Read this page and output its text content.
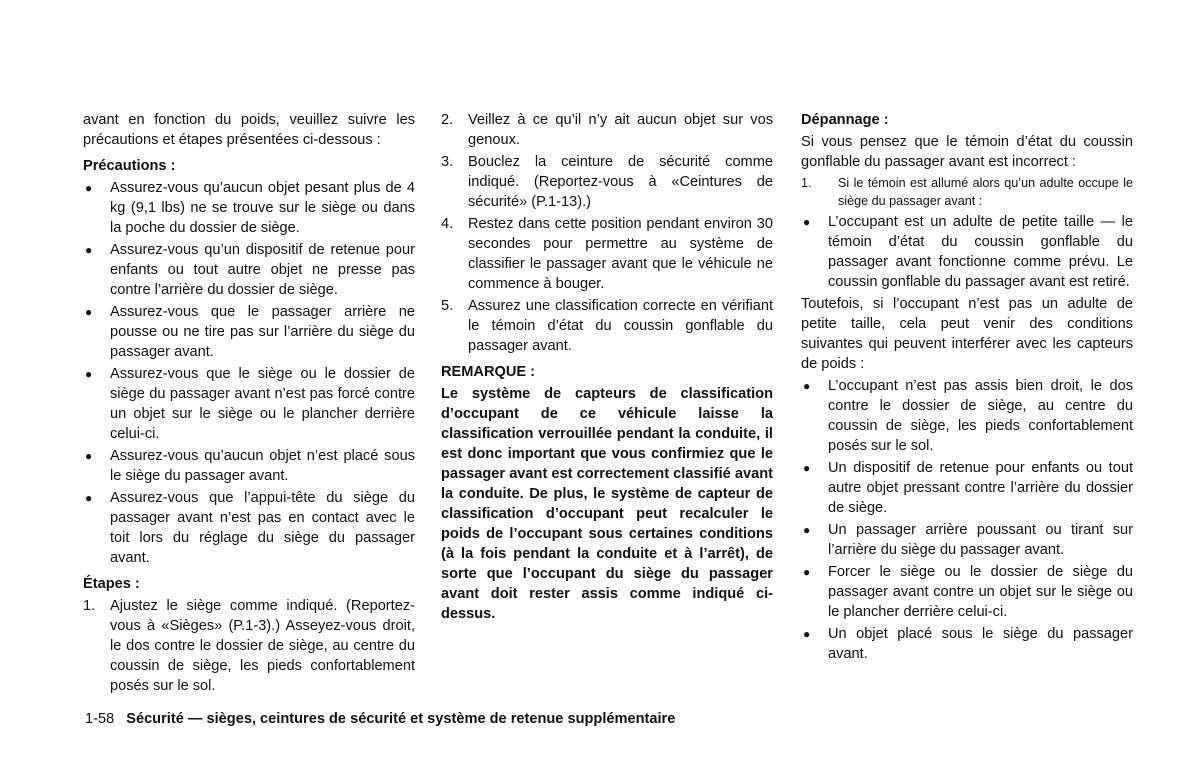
avant en fonction du poids, veuillez suivre les précautions et étapes présentées ci-dessous :

Précautions :

●	Assurez-vous qu’aucun objet pesant plus de 4 kg (9,1 lbs) ne se trouve sur le siège ou dans la poche du dossier de siège.
●	Assurez-vous qu’un dispositif de retenue pour enfants ou tout autre objet ne presse pas contre l’arrière du dossier de siège.
●	Assurez-vous que le passager arrière ne pousse ou ne tire pas sur l’arrière du siège du passager avant.
●	Assurez-vous que le siège ou le dossier de siège du passager avant n’est pas forcé contre un objet sur le siège ou le plancher derrière celui-ci.
●	Assurez-vous qu’aucun objet n’est placé sous le siège du passager avant.
●	Assurez-vous que l’appui-tête du siège du passager avant n’est pas en contact avec le toit lors du réglage du siège du passager avant.

Étapes :

1.	Ajustez le siège comme indiqué. (Reportez-vous à «Sièges» (P.1-3).) Asseyez-vous droit, le dos contre le dossier de siège, au centre du coussin de siège, les pieds confortablement posés sur le sol.
2.	Veillez à ce qu’il n’y ait aucun objet sur vos genoux.
3.	Bouclez la ceinture de sécurité comme indiqué. (Reportez-vous à «Ceintures de sécurité» (P.1-13).)
4.	Restez dans cette position pendant environ 30 secondes pour permettre au système de classifier le passager avant que le véhicule ne commence à bouger.
5.	Assurez une classification correcte en vérifiant le témoin d’état du coussin gonflable du passager avant.

REMARQUE :

Le système de capteurs de classification d’occupant de ce véhicule laisse la classification verrouillée pendant la conduite, il est donc important que vous confirmiez que le passager avant est correctement classifié avant la conduite. De plus, le système de capteur de classification d’occupant peut recalculer le poids de l’occupant sous certaines conditions (à la fois pendant la conduite et à l’arrêt), de sorte que l’occupant du siège du passager avant doit rester assis comme indiqué ci-dessus.

Dépannage :

Si vous pensez que le témoin d’état du coussin gonflable du passager avant est incorrect :

1.	Si le témoin est allumé alors qu’un adulte occupe le siège du passager avant :
●	L’occupant est un adulte de petite taille — le témoin d’état du coussin gonflable du passager avant fonctionne comme prévu. Le coussin gonflable du passager avant est retiré.

Toutefois, si l’occupant n’est pas un adulte de petite taille, cela peut venir des conditions suivantes qui peuvent interférer avec les capteurs de poids :

●	L’occupant n’est pas assis bien droit, le dos contre le dossier de siège, au centre du coussin de siège, les pieds confortablement posés sur le sol.
●	Un dispositif de retenue pour enfants ou tout autre objet pressant contre l’arrière du dossier de siège.
●	Un passager arrière poussant ou tirant sur l’arrière du siège du passager avant.
●	Forcer le siège ou le dossier de siège du passager avant contre un objet sur le siège ou le plancher derrière celui-ci.
●	Un objet placé sous le siège du passager avant.
1-58 Sécurité — sièges, ceintures de sécurité et système de retenue supplémentaire
